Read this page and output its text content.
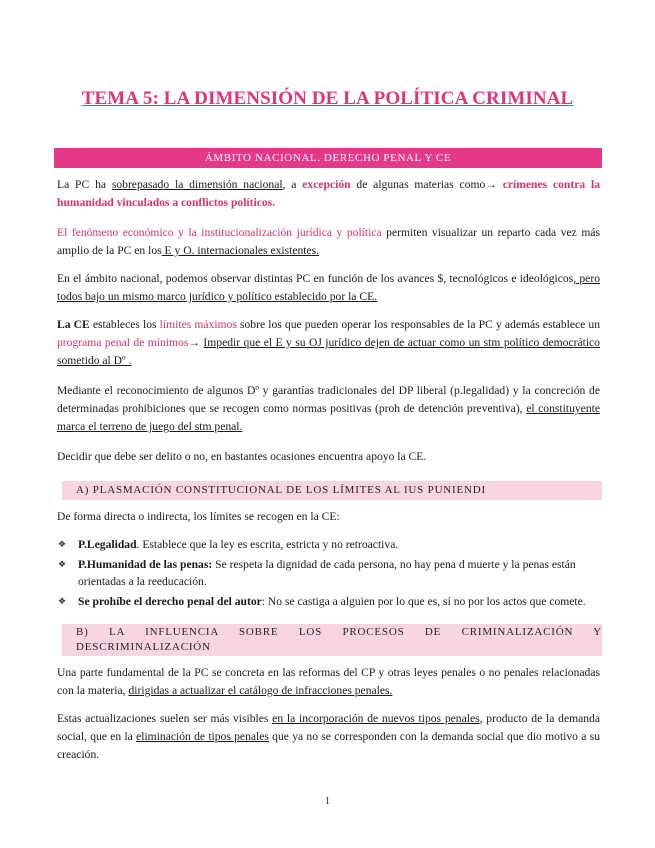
TEMA 5: LA DIMENSIÓN DE LA POLÍTICA CRIMINAL
ÁMBITO NACIONAL. DERECHO PENAL Y CE
La PC ha sobrepasado la dimensión nacional, a excepción de algunas materias como→ crímenes contra la humanidad vinculados a conflictos políticos.
El fenómeno económico y la institucionalización jurídica y política permiten visualizar un reparto cada vez más amplio de la PC en los E y O. internacionales existentes.
En el ámbito nacional, podemos observar distintas PC en función de los avances $, tecnológicos e ideológicos, pero todos bajo un mismo marco jurídico y político establecido por la CE.
La CE estableces los límites máximos sobre los que pueden operar los responsables de la PC y además establece un programa penal de mínimos→ Impedir que el E y su OJ jurídico dejen de actuar como un stm político democrático sometido al Dº .
Mediante el reconocimiento de algunos Dº y garantías tradicionales del DP liberal (p.legalidad) y la concreción de determinadas prohibiciones que se recogen como normas positivas (proh de detención preventiva), el constituyente marca el terreno de juego del stm penal.
Decidir que debe ser delito o no, en bastantes ocasiones encuentra apoyo la CE.
A) PLASMACIÓN CONSTITUCIONAL DE LOS LÍMITES AL IUS PUNIENDI
De forma directa o indirecta, los límites se recogen en la CE:
❖ P.Legalidad. Establece que la ley es escrita, estricta y no retroactiva.
❖ P.Humanidad de las penas: Se respeta la dignidad de cada persona, no hay pena d muerte y la penas están orientadas a la reeducación.
❖ Se prohíbe el derecho penal del autor: No se castiga a alguien por lo que es, sí no por los actos que comete.
B) LA INFLUENCIA SOBRE LOS PROCESOS DE CRIMINALIZACIÓN Y DESCRIMINALIZACIÓN
Una parte fundamental de la PC se concreta en las reformas del CP y otras leyes penales o no penales relacionadas con la materia, dirigidas a actualizar el catálogo de infracciones penales.
Estas actualizaciones suelen ser más visibles en la incorporación de nuevos tipos penales, producto de la demanda social, que en la eliminación de tipos penales que ya no se corresponden con la demanda social que dio motivo a su creación.
1
